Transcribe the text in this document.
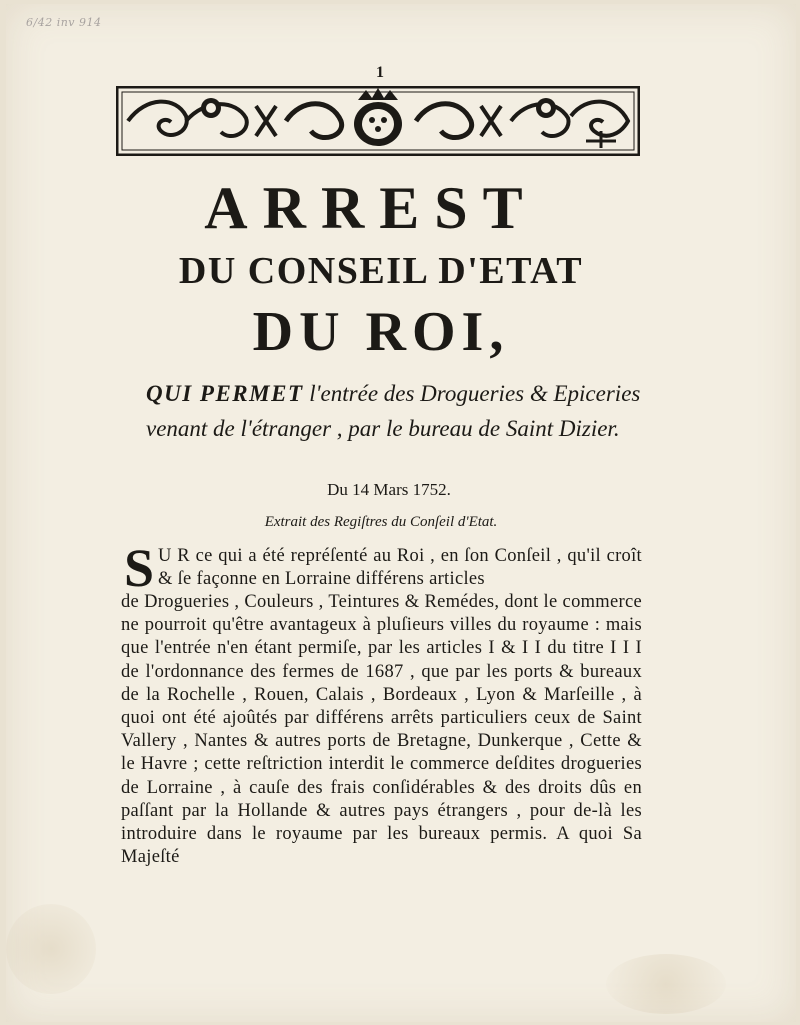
6/42 inv 914
1
ARREST
DU CONSEIL D'ETAT
DU ROI,
QUI PERMET l'entrée des Drogueries & Epiceries venant de l'étranger , par le bureau de Saint Dizier.
Du 14 Mars 1752.
Extrait des Regiſtres du Conſeil d'Etat.
S U R ce qui a été repréſenté au Roi , en ſon Conſeil , qu'il croît & ſe façonne en Lorraine différens articles
de Drogueries , Couleurs , Teintures & Remédes, dont le commerce ne pourroit qu'être avantageux à pluſieurs villes du royaume : mais que l'entrée n'en étant permiſe, par les articles I & I I du titre I I I de l'ordonnance des fermes de 1687 , que par les ports & bureaux de la Rochelle , Rouen, Calais , Bordeaux , Lyon & Marſeille , à quoi ont été ajoûtés par différens arrêts particuliers ceux de Saint Vallery , Nantes & autres ports de Bretagne, Dunkerque , Cette & le Havre ; cette reſtriction interdit le commerce deſdites drogueries de Lorraine , à cauſe des frais conſidérables & des droits dûs en paſſant par la Hollande & autres pays étrangers , pour de-là les introduire dans le royaume par les bureaux permis. A quoi Sa Majeſté
